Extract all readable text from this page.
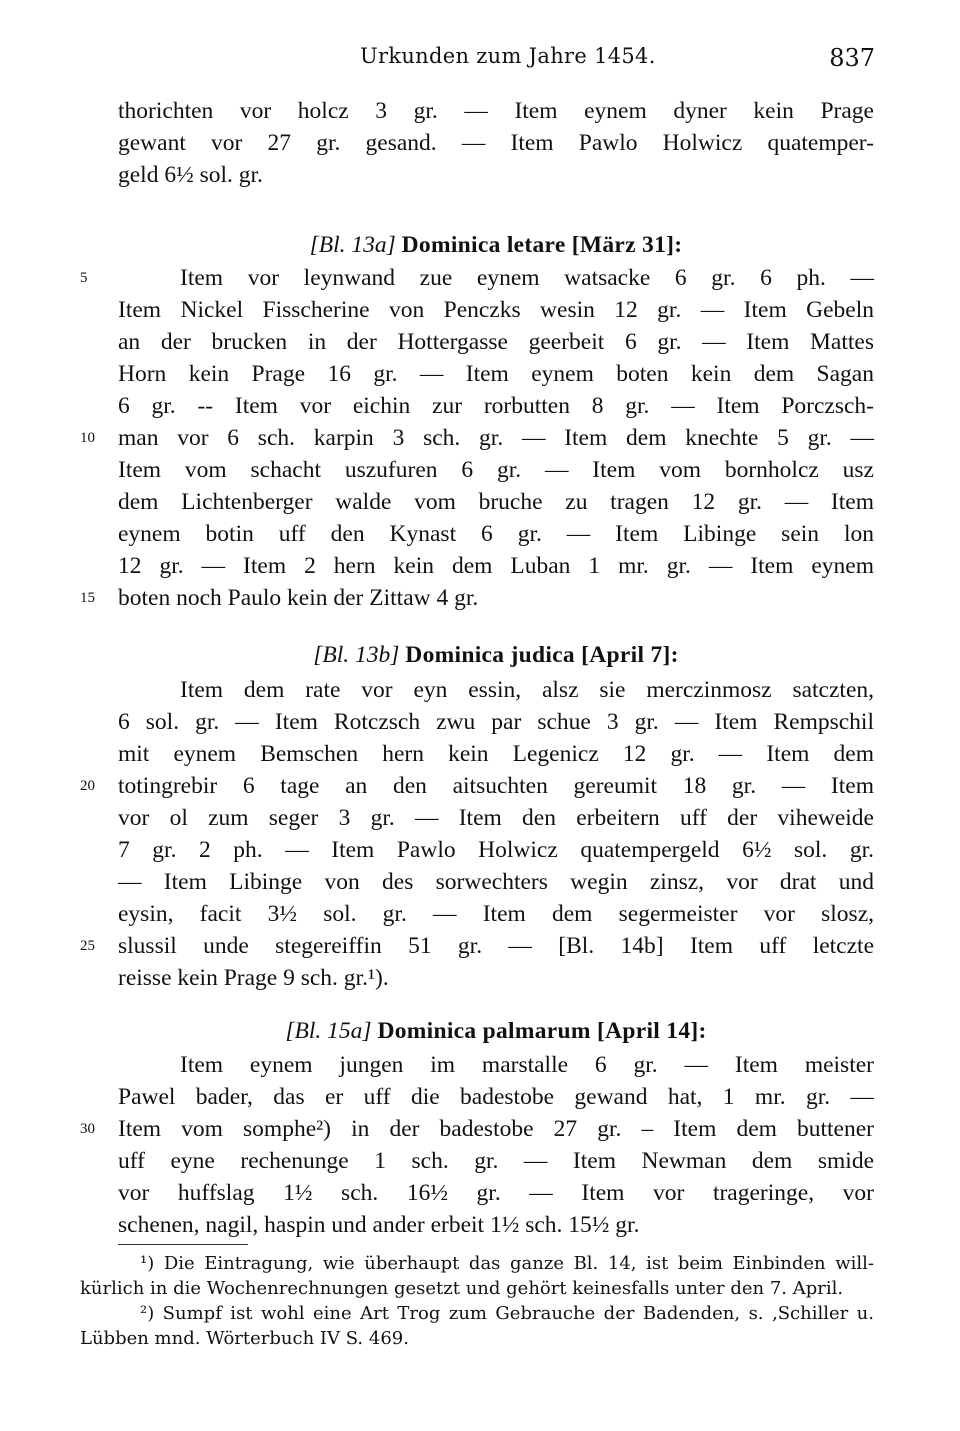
Urkunden zum Jahre 1454.	837
thorichten vor holcz 3 gr. — Item eynem dyner kein Prage
gewant vor 27 gr. gesand. — Item Pawlo Holwicz quatemper-
geld 6½ sol. gr.
[Bl. 13a] Dominica letare [März 31]:
5	Item vor leynwand zue eynem watsacke 6 gr. 6 ph. —
Item Nickel Fisscherine von Penczks wesin 12 gr. — Item Gebeln
an der brucken in der Hottergasse geerbeit 6 gr. — Item Mattes
Horn kein Prage 16 gr. — Item eynem boten kein dem Sagan
6 gr. -- Item vor eichin zur rorbutten 8 gr. — Item Porczsch-
10 man vor 6 sch. karpin 3 sch. gr. — Item dem knechte 5 gr. —
Item vom schacht uszufuren 6 gr. — Item vom bornholcz usz
dem Lichtenberger walde vom bruche zu tragen 12 gr. — Item
eynem botin uff den Kynast 6 gr. — Item Libinge sein lon
12 gr. — Item 2 hern kein dem Luban 1 mr. gr. — Item eynem
15 boten noch Paulo kein der Zittaw 4 gr.
[Bl. 13b] Dominica judica [April 7]:
Item dem rate vor eyn essin, alsz sie merczinmosz satczten,
6 sol. gr. — Item Rotczsch zwu par schue 3 gr. — Item Rempschil
mit eynem Bemschen hern kein Legenicz 12 gr. — Item dem
20 totingrebir 6 tage an den aitsuchten gereumit 18 gr. — Item
vor ol zum seger 3 gr. — Item den erbeitern uff der viheweide
7 gr. 2 ph. — Item Pawlo Holwicz quatempergeld 6½ sol. gr.
— Item Libinge von des sorwechters wegin zinsz, vor drat und
eysin, facit 3½ sol. gr. — Item dem segermeister vor slosz,
25 slussil unde stegereiffin 51 gr. — [Bl. 14b] Item uff letczte
reisse kein Prage 9 sch. gr.¹).
[Bl. 15a] Dominica palmarum [April 14]:
Item eynem jungen im marstalle 6 gr. — Item meister
Pawel bader, das er uff die badestobe gewand hat, 1 mr. gr. —
30 Item vom somphe²) in der badestobe 27 gr. – Item dem buttener
uff eyne rechenunge 1 sch. gr. — Item Newman dem smide
vor huffslag 1½ sch. 16½ gr. — Item vor trageringe, vor
schenen, nagil, haspin und ander erbeit 1½ sch. 15½ gr.
¹) Die Eintragung, wie überhaupt das ganze Bl. 14, ist beim Einbinden will-
kürlich in die Wochenrechnungen gesetzt und gehört keinesfalls unter den 7. April.
²) Sumpf ist wohl eine Art Trog zum Gebrauche der Badenden, s. ‚Schiller u.
Lübben mnd. Wörterbuch IV S. 469.
